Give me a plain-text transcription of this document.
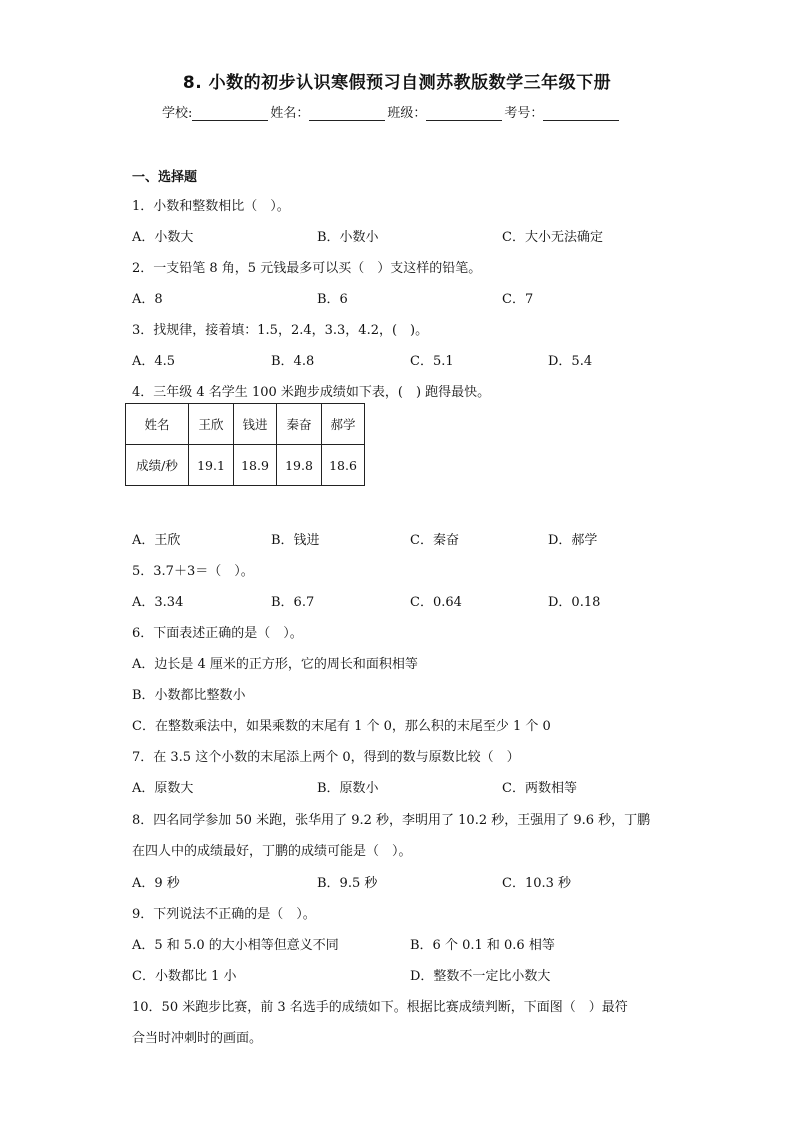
8. 小数的初步认识寒假预习自测苏教版数学三年级下册
学校:	姓名：	班级：	考号：
一、选择题
1．小数和整数相比（　）。
A．小数大	B．小数小	C．大小无法确定
2．一支铅笔 8 角，5 元钱最多可以买（　）支这样的铅笔。
A．8	B．6	C．7
3．找规律，接着填：1.5，2.4，3.3，4.2，(　)。
A．4.5	B．4.8	C．5.1	D．5.4
4．三年级 4 名学生 100 米跑步成绩如下表，(　) 跑得最快。
姓名	王欣	钱进	秦奋	郝学
成绩/秒	19.1	18.9	19.8	18.6
A．王欣	B．钱进	C．秦奋	D．郝学
5．3.7＋3＝（　）。
A．3.34	B．6.7	C．0.64	D．0.18
6．下面表述正确的是（　）。
A．边长是 4 厘米的正方形，它的周长和面积相等
B．小数都比整数小
C．在整数乘法中，如果乘数的末尾有 1 个 0，那么积的末尾至少 1 个 0
7．在 3.5 这个小数的末尾添上两个 0，得到的数与原数比较（　）
A．原数大	B．原数小	C．两数相等
8．四名同学参加 50 米跑，张华用了 9.2 秒，李明用了 10.2 秒，王强用了 9.6 秒，丁鹏
在四人中的成绩最好，丁鹏的成绩可能是（　）。
A．9 秒	B．9.5 秒	C．10.3 秒
9．下列说法不正确的是（　）。
A．5 和 5.0 的大小相等但意义不同	B．6 个 0.1 和 0.6 相等
C．小数都比 1 小	D．整数不一定比小数大
10．50 米跑步比赛，前 3 名选手的成绩如下。根据比赛成绩判断，下面图（　）最符
合当时冲刺时的画面。
